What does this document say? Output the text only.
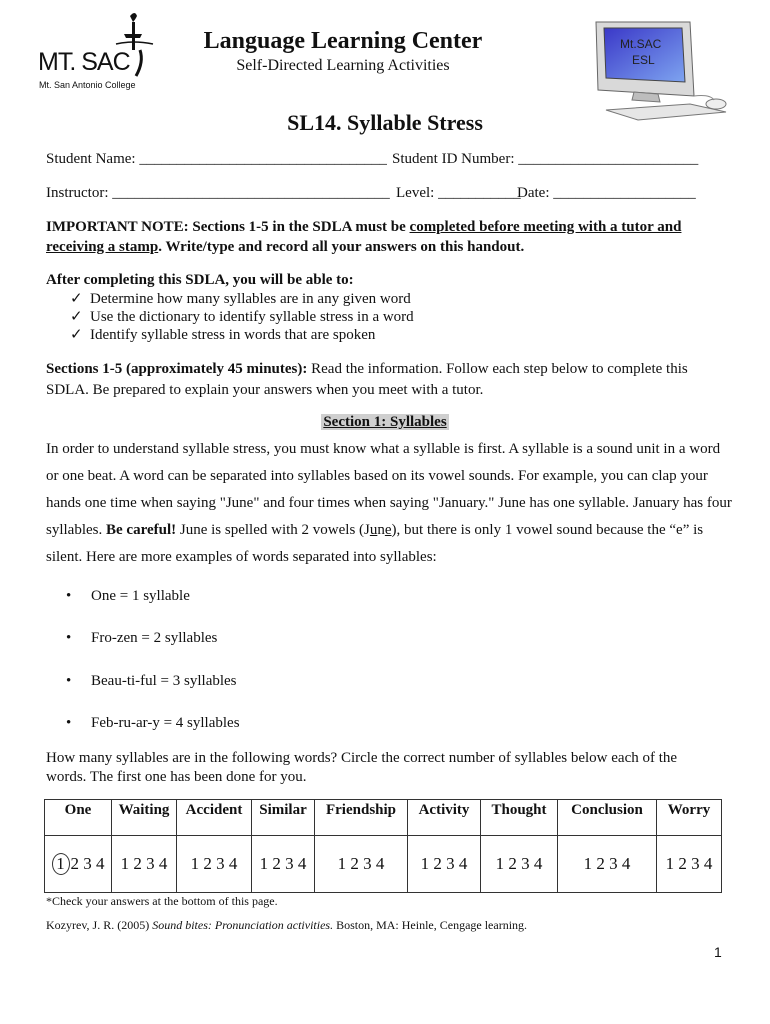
MT. SAC
Mt. San Antonio College
Language Learning Center
Self-Directed Learning Activities
Mt.SAC
ESL
SL14. Syllable Stress
Student Name: _________________________________ Student ID Number: ________________________
Instructor: _____________________________________ Level: ___________
Date: ___________________
IMPORTANT NOTE: Sections 1-5 in the SDLA must be completed before meeting with a tutor and
receiving a stamp. Write/type and record all your answers on this handout.
After completing this SDLA, you will be able to:
✓ Determine how many syllables are in any given word
✓ Use the dictionary to identify syllable stress in a word
✓ Identify syllable stress in words that are spoken
Sections 1-5 (approximately 45 minutes): Read the information. Follow each step below to complete this
SDLA. Be prepared to explain your answers when you meet with a tutor.
Section 1: Syllables
In order to understand syllable stress, you must know what a syllable is first. A syllable is a sound unit in a word or one beat. A word can be separated into syllables based on its vowel sounds. For example, you can clap your hands one time when saying "June" and four times when saying "January." June has one syllable. January has four syllables. Be careful! June is spelled with 2 vowels (June), but there is only 1 vowel sound because the “e” is silent. Here are more examples of words separated into syllables:
• One = 1 syllable
• Fro-zen = 2 syllables
• Beau-ti-ful = 3 syllables
• Feb-ru-ar-y = 4 syllables
How many syllables are in the following words? Circle the correct number of syllables below each of the
words. The first one has been done for you.
One	Waiting	Accident	Similar	Friendship	Activity	Thought	Conclusion	Worry
1 2 3 4	1 2 3 4	1 2 3 4	1 2 3 4	1 2 3 4	1 2 3 4	1 2 3 4	1 2 3 4	1 2 3 4
*Check your answers at the bottom of this page.
Kozyrev, J. R. (2005) Sound bites: Pronunciation activities. Boston, MA: Heinle, Cengage learning.
1
